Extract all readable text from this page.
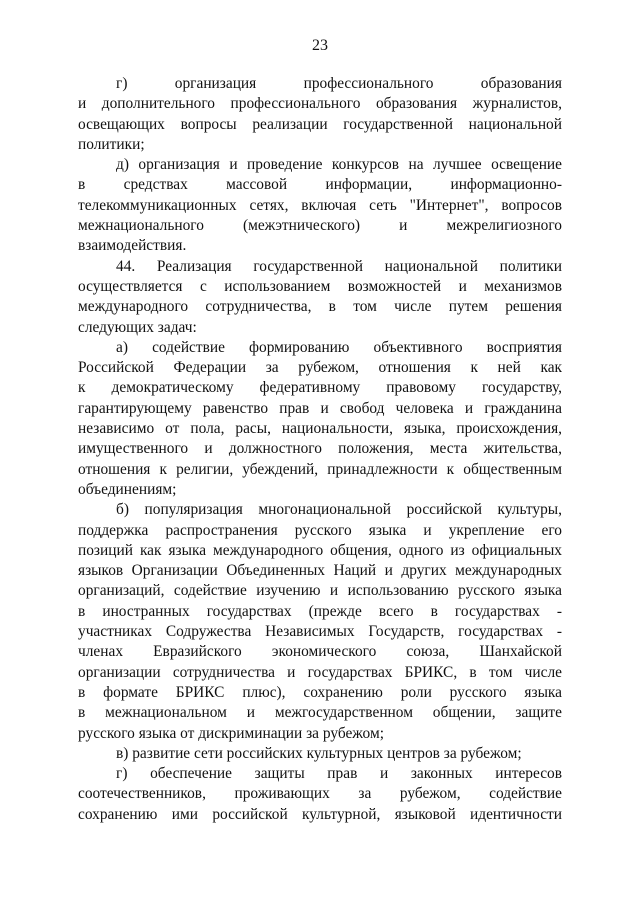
23
г) организация профессионального образования
и дополнительного профессионального образования журналистов,
освещающих вопросы реализации государственной национальной
политики;
д) организация и проведение конкурсов на лучшее освещение
в средствах массовой информации, информационно-
телекоммуникационных сетях, включая сеть "Интернет", вопросов
межнационального (межэтнического) и межрелигиозного
взаимодействия.
44. Реализация государственной национальной политики
осуществляется с использованием возможностей и механизмов
международного сотрудничества, в том числе путем решения
следующих задач:
а) содействие формированию объективного восприятия
Российской Федерации за рубежом, отношения к ней как
к демократическому федеративному правовому государству,
гарантирующему равенство прав и свобод человека и гражданина
независимо от пола, расы, национальности, языка, происхождения,
имущественного и должностного положения, места жительства,
отношения к религии, убеждений, принадлежности к общественным
объединениям;
б) популяризация многонациональной российской культуры,
поддержка распространения русского языка и укрепление его
позиций как языка международного общения, одного из официальных
языков Организации Объединенных Наций и других международных
организаций, содействие изучению и использованию русского языка
в иностранных государствах (прежде всего в государствах -
участниках Содружества Независимых Государств, государствах -
членах Евразийского экономического союза, Шанхайской
организации сотрудничества и государствах БРИКС, в том числе
в формате БРИКС плюс), сохранению роли русского языка
в межнациональном и межгосударственном общении, защите
русского языка от дискриминации за рубежом;
в) развитие сети российских культурных центров за рубежом;
г) обеспечение защиты прав и законных интересов
соотечественников, проживающих за рубежом, содействие
сохранению ими российской культурной, языковой идентичности
